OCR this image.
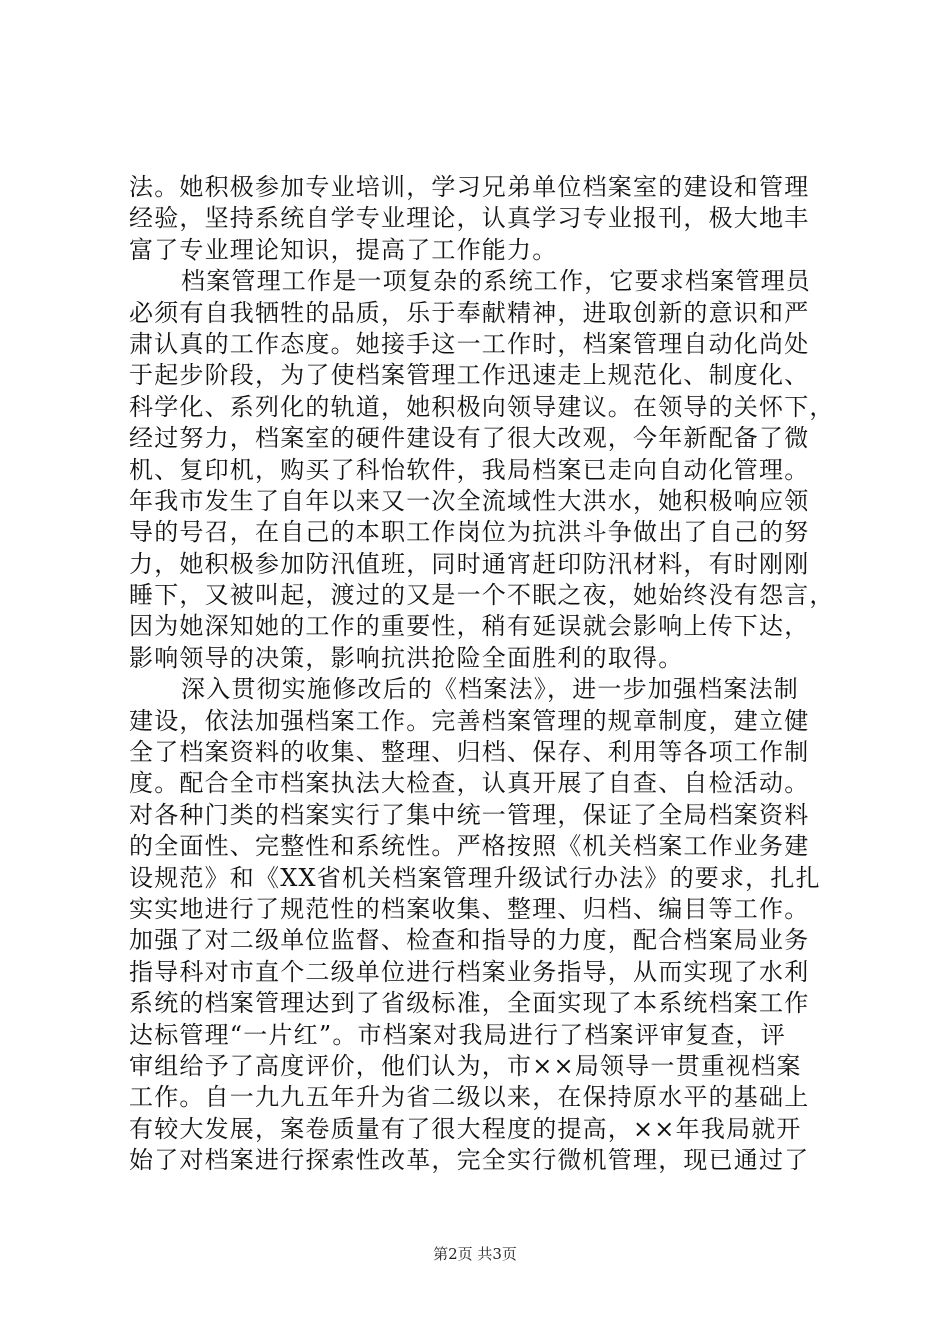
法。她积极参加专业培训，学习兄弟单位档案室的建设和管理
经验，坚持系统自学专业理论，认真学习专业报刊，极大地丰
富了专业理论知识，提高了工作能力。
档案管理工作是一项复杂的系统工作，它要求档案管理员
必须有自我牺牲的品质，乐于奉献精神，进取创新的意识和严
肃认真的工作态度。她接手这一工作时，档案管理自动化尚处
于起步阶段，为了使档案管理工作迅速走上规范化、制度化、
科学化、系列化的轨道，她积极向领导建议。在领导的关怀下，
经过努力，档案室的硬件建设有了很大改观，今年新配备了微
机、复印机，购买了科怡软件，我局档案已走向自动化管理。
年我市发生了自年以来又一次全流域性大洪水，她积极响应领
导的号召，在自己的本职工作岗位为抗洪斗争做出了自己的努
力，她积极参加防汛值班，同时通宵赶印防汛材料，有时刚刚
睡下，又被叫起，渡过的又是一个不眠之夜，她始终没有怨言，
因为她深知她的工作的重要性，稍有延误就会影响上传下达，
影响领导的决策，影响抗洪抢险全面胜利的取得。
深入贯彻实施修改后的《档案法》，进一步加强档案法制
建设，依法加强档案工作。完善档案管理的规章制度，建立健
全了档案资料的收集、整理、归档、保存、利用等各项工作制
度。配合全市档案执法大检查，认真开展了自查、自检活动。
对各种门类的档案实行了集中统一管理，保证了全局档案资料
的全面性、完整性和系统性。严格按照《机关档案工作业务建
设规范》和《XX省机关档案管理升级试行办法》的要求，扎扎
实实地进行了规范性的档案收集、整理、归档、编目等工作。
加强了对二级单位监督、检查和指导的力度，配合档案局业务
指导科对市直个二级单位进行档案业务指导，从而实现了水利
系统的档案管理达到了省级标准，全面实现了本系统档案工作
达标管理“一片红”。市档案对我局进行了档案评审复查，评
审组给予了高度评价，他们认为，市××局领导一贯重视档案
工作。自一九九五年升为省二级以来，在保持原水平的基础上
有较大发展，案卷质量有了很大程度的提高，××年我局就开
始了对档案进行探索性改革，完全实行微机管理，现已通过了
第2页 共3页
